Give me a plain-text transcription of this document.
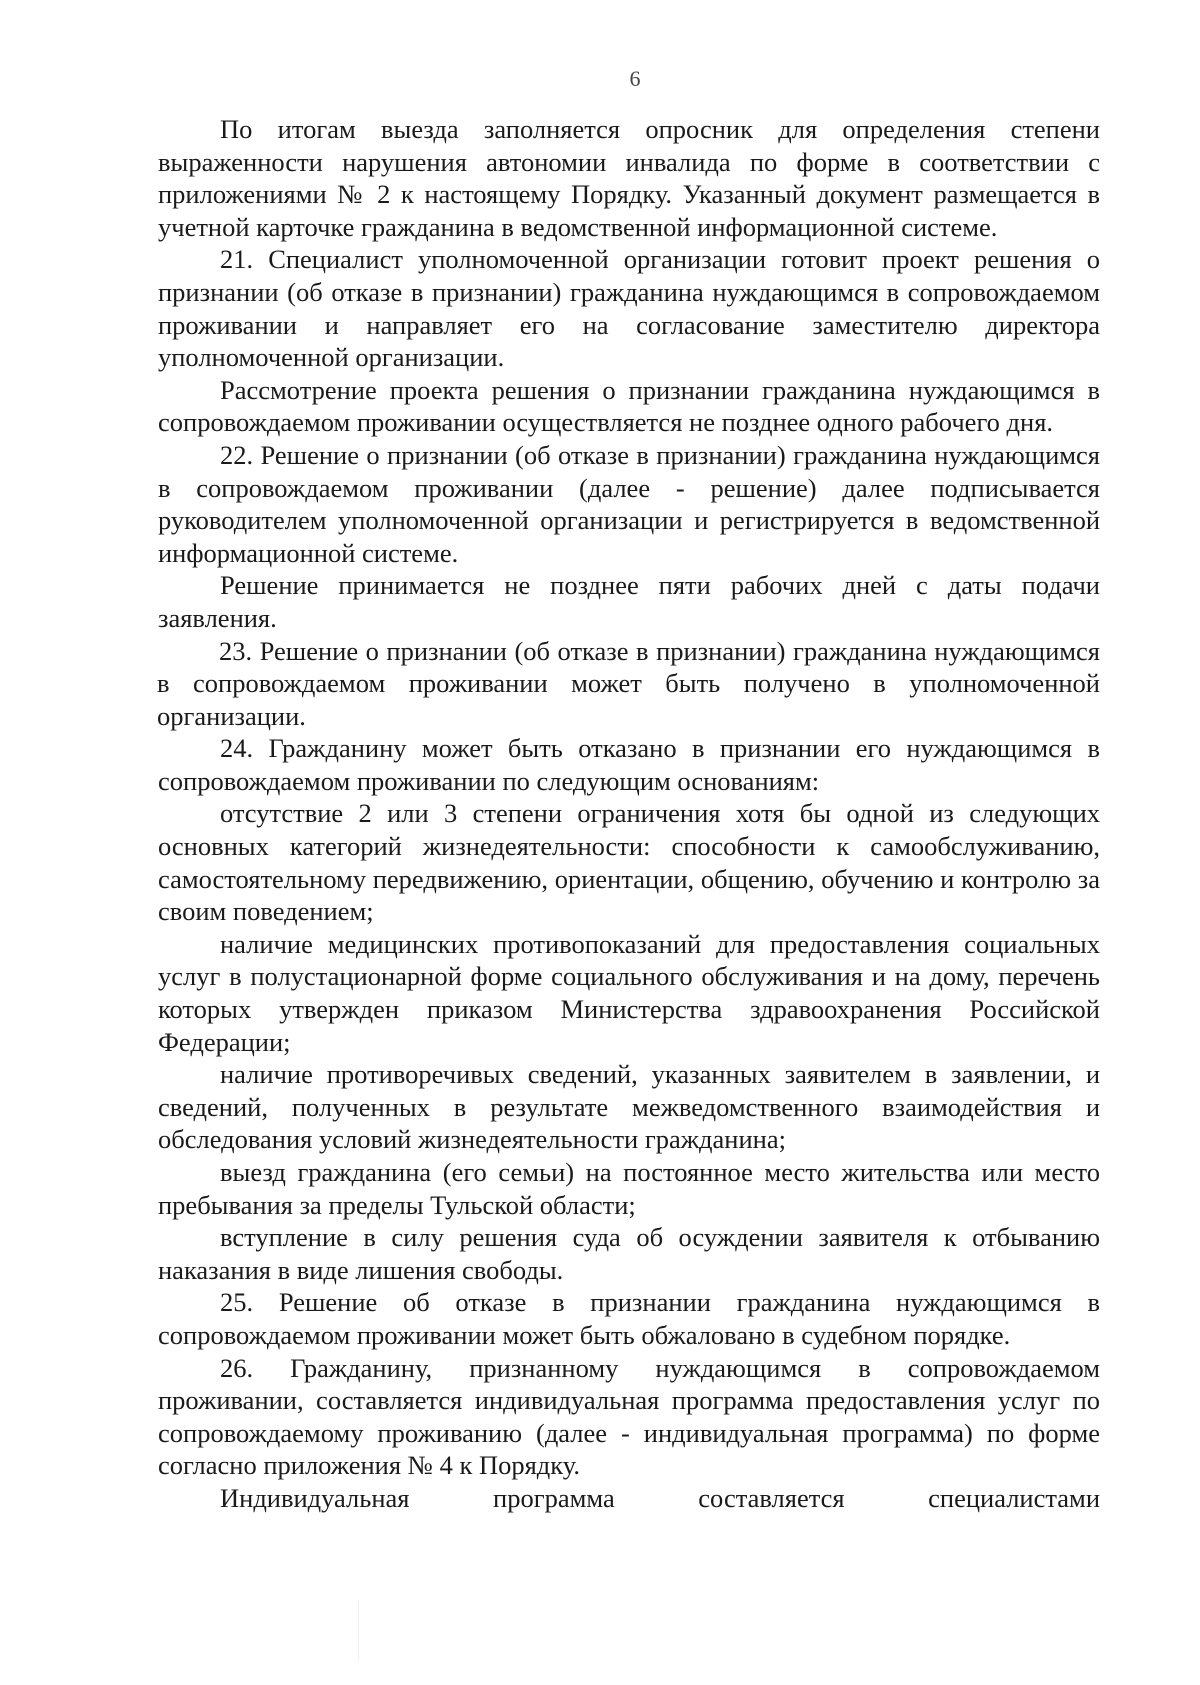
6

По итогам выезда заполняется опросник для определения степени выраженности нарушения автономии инвалида по форме в соответствии с приложениями № 2 к настоящему Порядку. Указанный документ размещается в учетной карточке гражданина в ведомственной информационной системе.

21. Специалист уполномоченной организации готовит проект решения о признании (об отказе в признании) гражданина нуждающимся в сопровождаемом проживании и направляет его на согласование заместителю директора уполномоченной организации.

Рассмотрение проекта решения о признании гражданина нуждающимся в сопровождаемом проживании осуществляется не позднее одного рабочего дня.

22. Решение о признании (об отказе в признании) гражданина нуждающимся в сопровождаемом проживании (далее - решение) далее подписывается руководителем уполномоченной организации и регистрируется в ведомственной информационной системе.

Решение принимается не позднее пяти рабочих дней с даты подачи заявления.

23. Решение о признании (об отказе в признании) гражданина нуждающимся в сопровождаемом проживании может быть получено в уполномоченной организации.

24. Гражданину может быть отказано в признании его нуждающимся в сопровождаемом проживании по следующим основаниям:

отсутствие 2 или 3 степени ограничения хотя бы одной из следующих основных категорий жизнедеятельности: способности к самообслуживанию, самостоятельному передвижению, ориентации, общению, обучению и контролю за своим поведением;

наличие медицинских противопоказаний для предоставления социальных услуг в полустационарной форме социального обслуживания и на дому, перечень которых утвержден приказом Министерства здравоохранения Российской Федерации;

наличие противоречивых сведений, указанных заявителем в заявлении, и сведений, полученных в результате межведомственного взаимодействия и обследования условий жизнедеятельности гражданина;

выезд гражданина (его семьи) на постоянное место жительства или место пребывания за пределы Тульской области;

вступление в силу решения суда об осуждении заявителя к отбыванию наказания в виде лишения свободы.

25. Решение об отказе в признании гражданина нуждающимся в сопровождаемом проживании может быть обжаловано в судебном порядке.

26. Гражданину, признанному нуждающимся в сопровождаемом проживании, составляется индивидуальная программа предоставления услуг по сопровождаемому проживанию (далее - индивидуальная программа) по форме согласно приложения № 4 к Порядку.

Индивидуальная программа составляется специалистами
